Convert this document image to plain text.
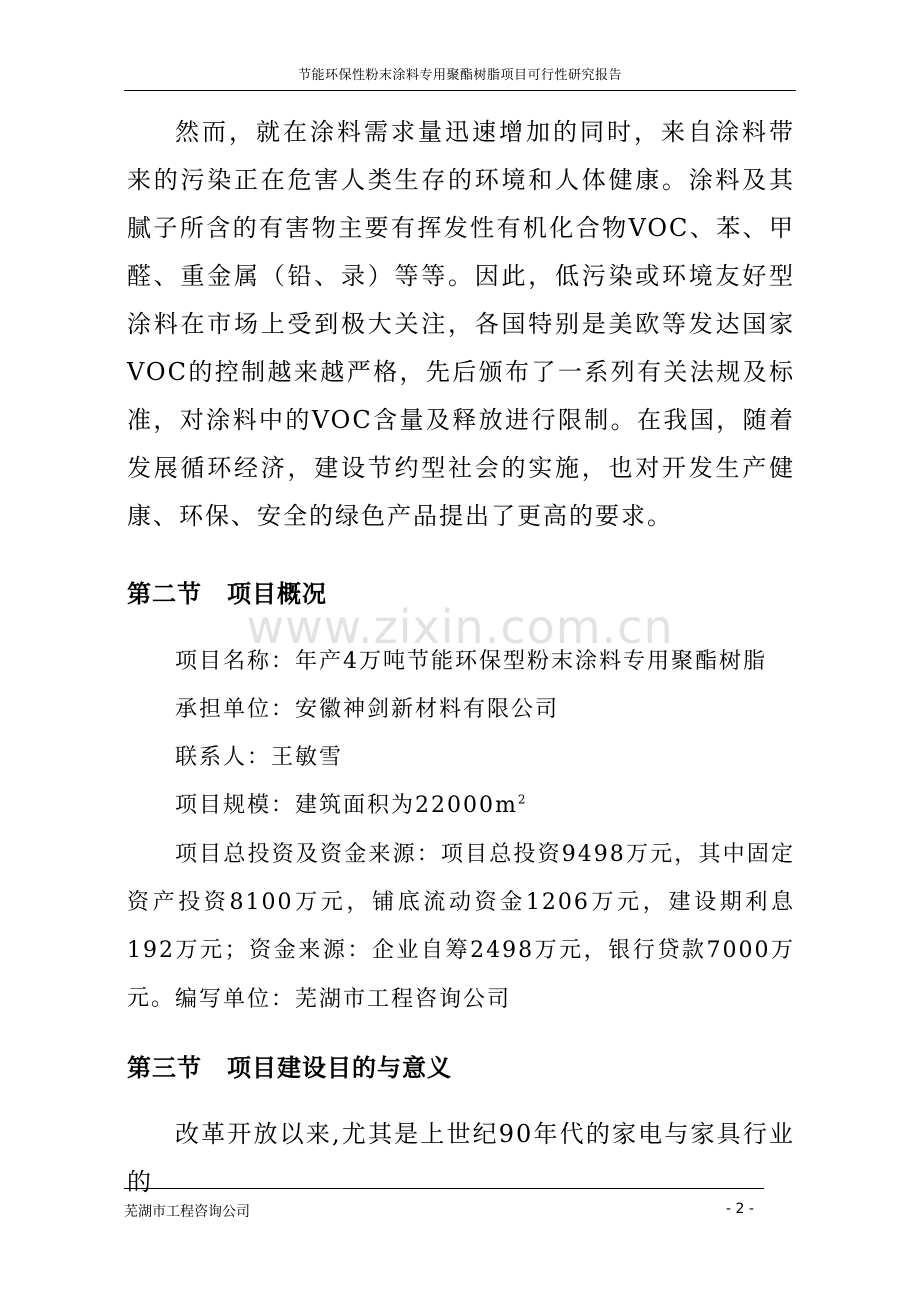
节能环保性粉末涂料专用聚酯树脂项目可行性研究报告

然而，就在涂料需求量迅速增加的同时，来自涂料带来的污染正在危害人类生存的环境和人体健康。涂料及其腻子所含的有害物主要有挥发性有机化合物VOC、苯、甲醛、重金属（铅、录）等等。因此，低污染或环境友好型涂料在市场上受到极大关注，各国特别是美欧等发达国家VOC的控制越来越严格，先后颁布了一系列有关法规及标准，对涂料中的VOC含量及释放进行限制。在我国，随着发展循环经济，建设节约型社会的实施，也对开发生产健康、环保、安全的绿色产品提出了更高的要求。

第二节　项目概况
www.zixin.com.cn
项目名称：年产4万吨节能环保型粉末涂料专用聚酯树脂
承担单位：安徽神剑新材料有限公司
联系人：王敏雪
项目规模：建筑面积为$22000m^2$

项目总投资及资金来源：项目总投资9498万元，其中固定资产投资8100万元，铺底流动资金1206万元，建设期利息192万元；资金来源：企业自筹2498万元，银行贷款7000万元。 编写单位：芜湖市工程咨询公司
第三节　项目建设目的与意义

改革开放以来,尤其是上世纪90年代的家电与家具行业的

芜湖市工程咨询公司	- 2 -
